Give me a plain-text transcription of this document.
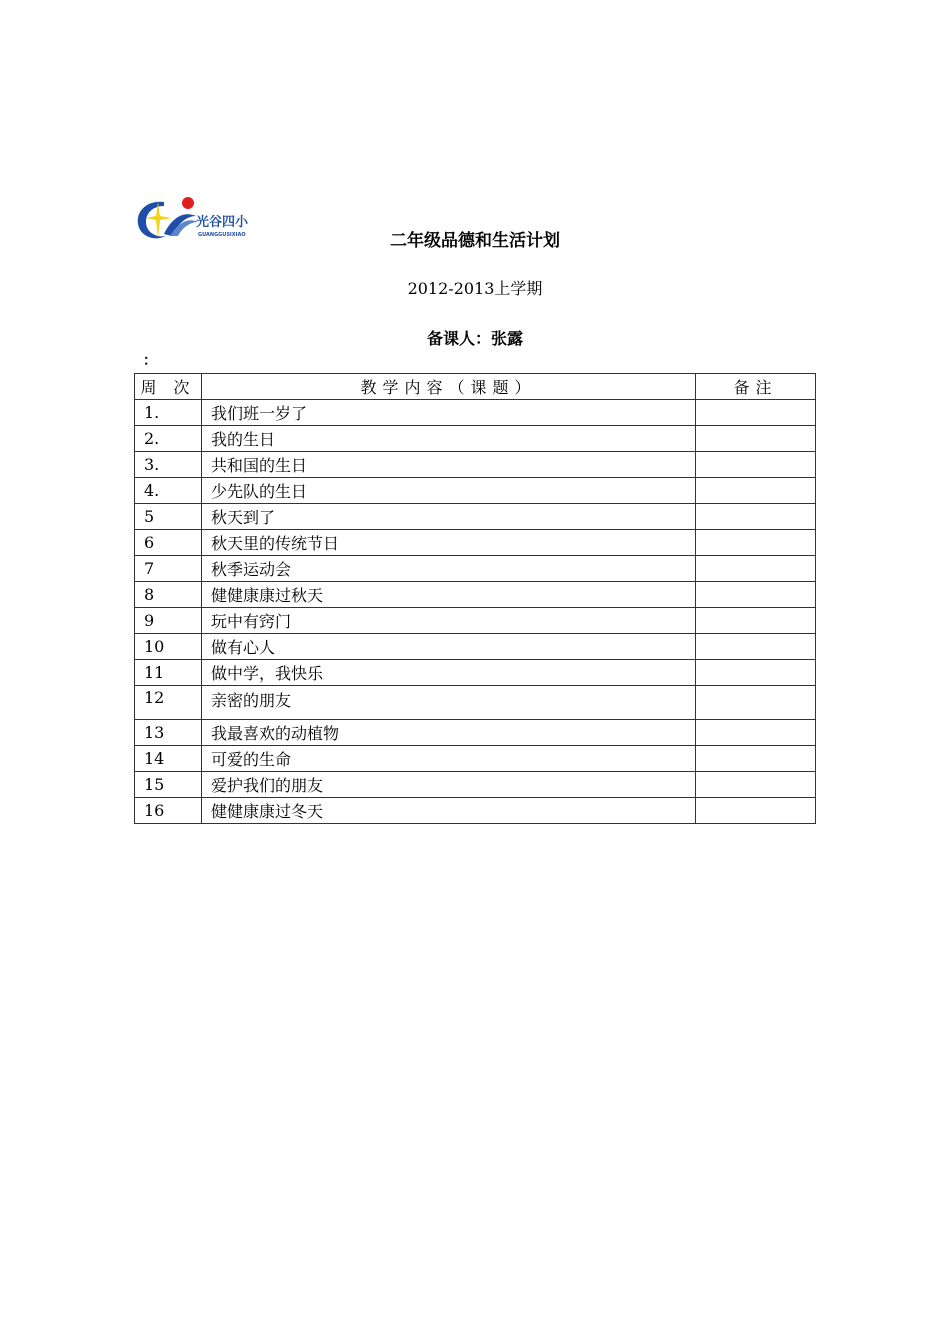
光谷四小
GUANGGUSIXIAO	二年级品德和生活计划
2012-2013上学期
备课人：张露
：
周 次	教学内容（课题）	备注
1.	我们班一岁了	
2.	我的生日	
3.	共和国的生日	
4.	少先队的生日	
5	秋天到了	
6	秋天里的传统节日	
7	秋季运动会	
8	健健康康过秋天	
9	玩中有窍门	
10	做有心人	
11	做中学，我快乐	
12	亲密的朋友	
13	我最喜欢的动植物	
14	可爱的生命	
15	爱护我们的朋友	
16	健健康康过冬天	
